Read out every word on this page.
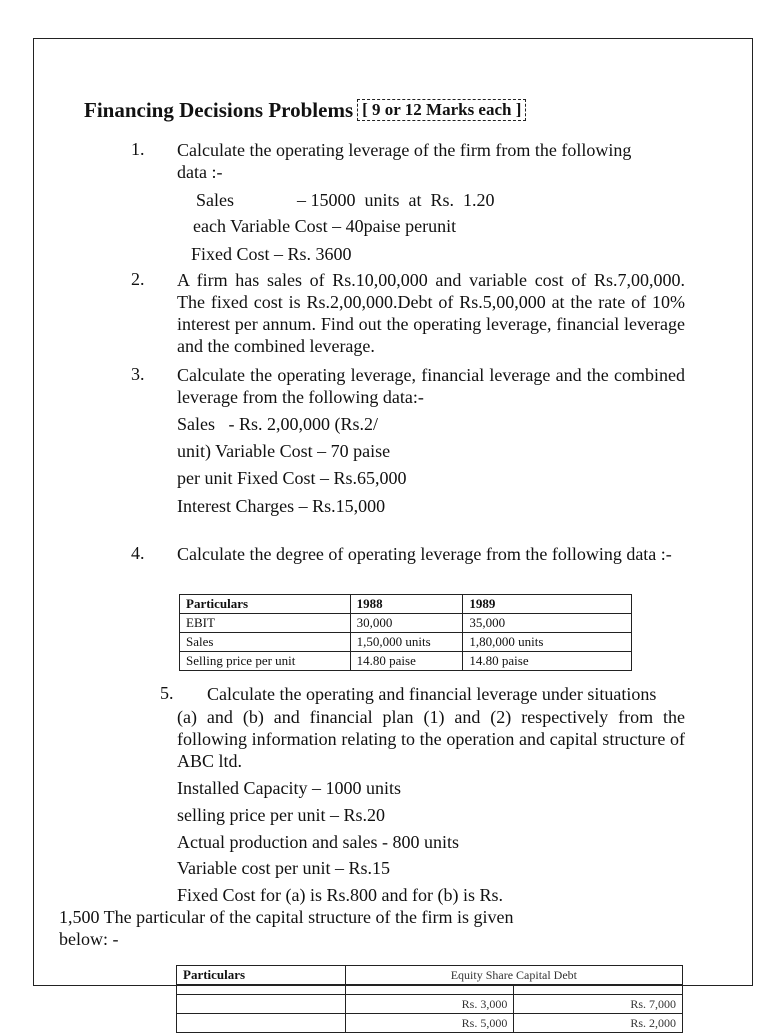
Financing Decisions Problems [ 9 or 12 Marks each ]
1. Calculate the operating leverage of the firm from the following
data :-
Sales	– 15000  units  at  Rs.  1.20
each Variable Cost – 40paise perunit
Fixed Cost – Rs. 3600
2. A firm has sales of Rs.10,00,000 and variable cost of Rs.7,00,000. The fixed cost is Rs.2,00,000.Debt of Rs.5,00,000 at the rate of 10% interest per annum. Find out the operating leverage, financial leverage and the combined leverage.
3. Calculate the operating leverage, financial leverage and the combined leverage from the following data:-
Sales   - Rs. 2,00,000 (Rs.2/
unit) Variable Cost – 70 paise
per unit Fixed Cost – Rs.65,000
Interest Charges – Rs.15,000
4. Calculate the degree of operating leverage from the following data :-
Particulars	1988	1989
EBIT	30,000	35,000
Sales	1,50,000 units	1,80,000 units
Selling price per unit	14.80 paise	14.80 paise
5. Calculate the operating and financial leverage under situations
(a) and (b) and financial plan (1) and (2) respectively from the following information relating to the operation and capital structure of ABC ltd.
Installed Capacity – 1000 units
selling price per unit – Rs.20
Actual production and sales - 800 units
Variable cost per unit – Rs.15
Fixed Cost for (a) is Rs.800 and for (b) is Rs.
1,500 The particular of the capital structure of the firm is given
below: -
Particulars	Equity Share Capital Debt	

	Rs. 3,000	Rs. 7,000
	Rs. 5,000	Rs. 2,000
